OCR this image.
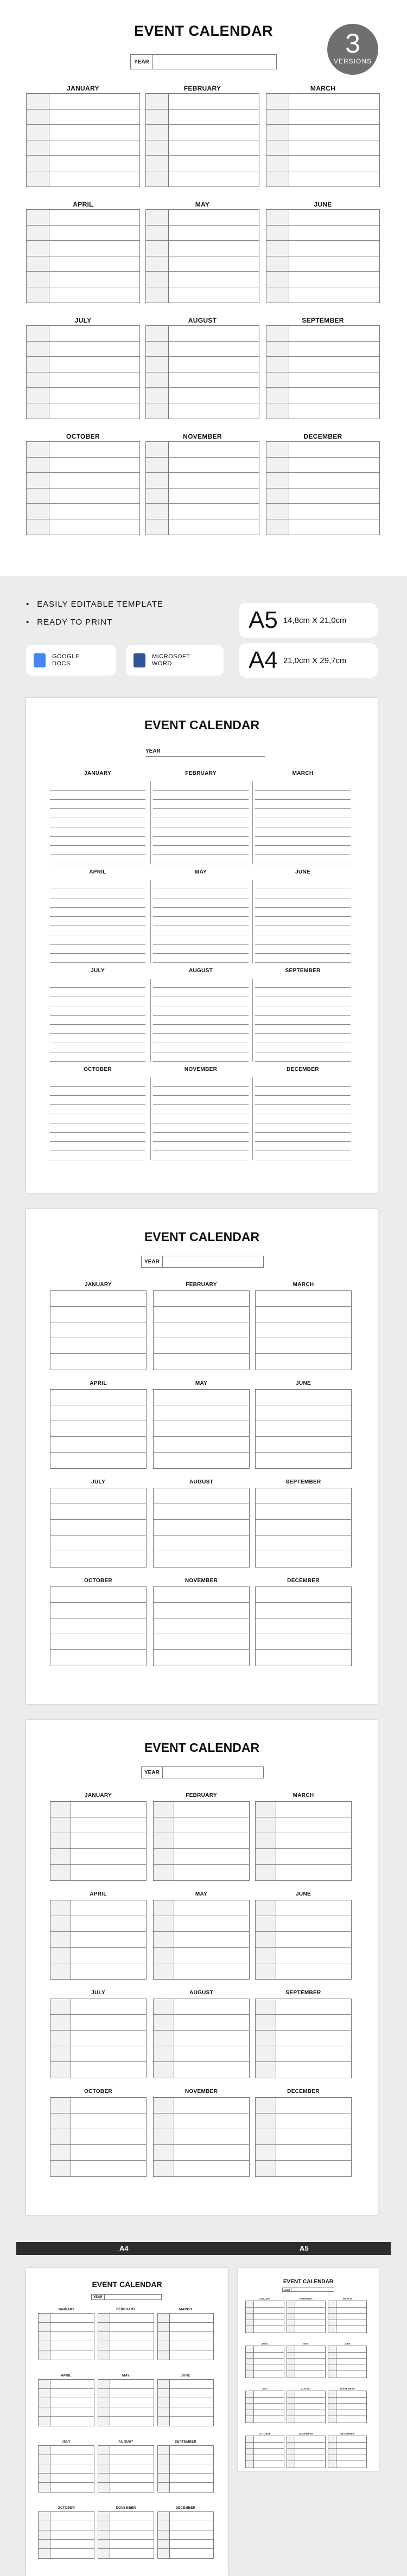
EVENT CALENDAR	3
VERSIONS
YEAR
JANUARY	FEBRUARY	MARCH
APRIL	MAY	JUNE
JULY	AUGUST	SEPTEMBER
OCTOBER	NOVEMBER	DECEMBER
• EASILY EDITABLE TEMPLATE
• READY TO PRINT
GOOGLE
DOCS
MICROSOFT
WORD
A5 14,8cm X 21,0cm
A4 21,0cm X 29,7cm
EVENT CALENDAR
YEAR
JANUARY	FEBRUARY	MARCH
APRIL	MAY	JUNE
JULY	AUGUST	SEPTEMBER
OCTOBER	NOVEMBER	DECEMBER
EVENT CALENDAR
YEAR
JANUARY	FEBRUARY	MARCH
APRIL	MAY	JUNE
JULY	AUGUST	SEPTEMBER
OCTOBER	NOVEMBER	DECEMBER
EVENT CALENDAR
YEAR
JANUARY	FEBRUARY	MARCH
APRIL	MAY	JUNE
JULY	AUGUST	SEPTEMBER
OCTOBER	NOVEMBER	DECEMBER
A4	A5
EVENT CALENDAR
YEAR
JANUARY	FEBRUARY	MARCH
APRIL	MAY	JUNE
JULY	AUGUST	SEPTEMBER
OCTOBER	NOVEMBER	DECEMBER
EVENT CALENDAR
YEAR
JANUARY	FEBRUARY	MARCH
APRIL	MAY	JUNE
JULY	AUGUST	SEPTEMBER
OCTOBER	NOVEMBER	DECEMBER
